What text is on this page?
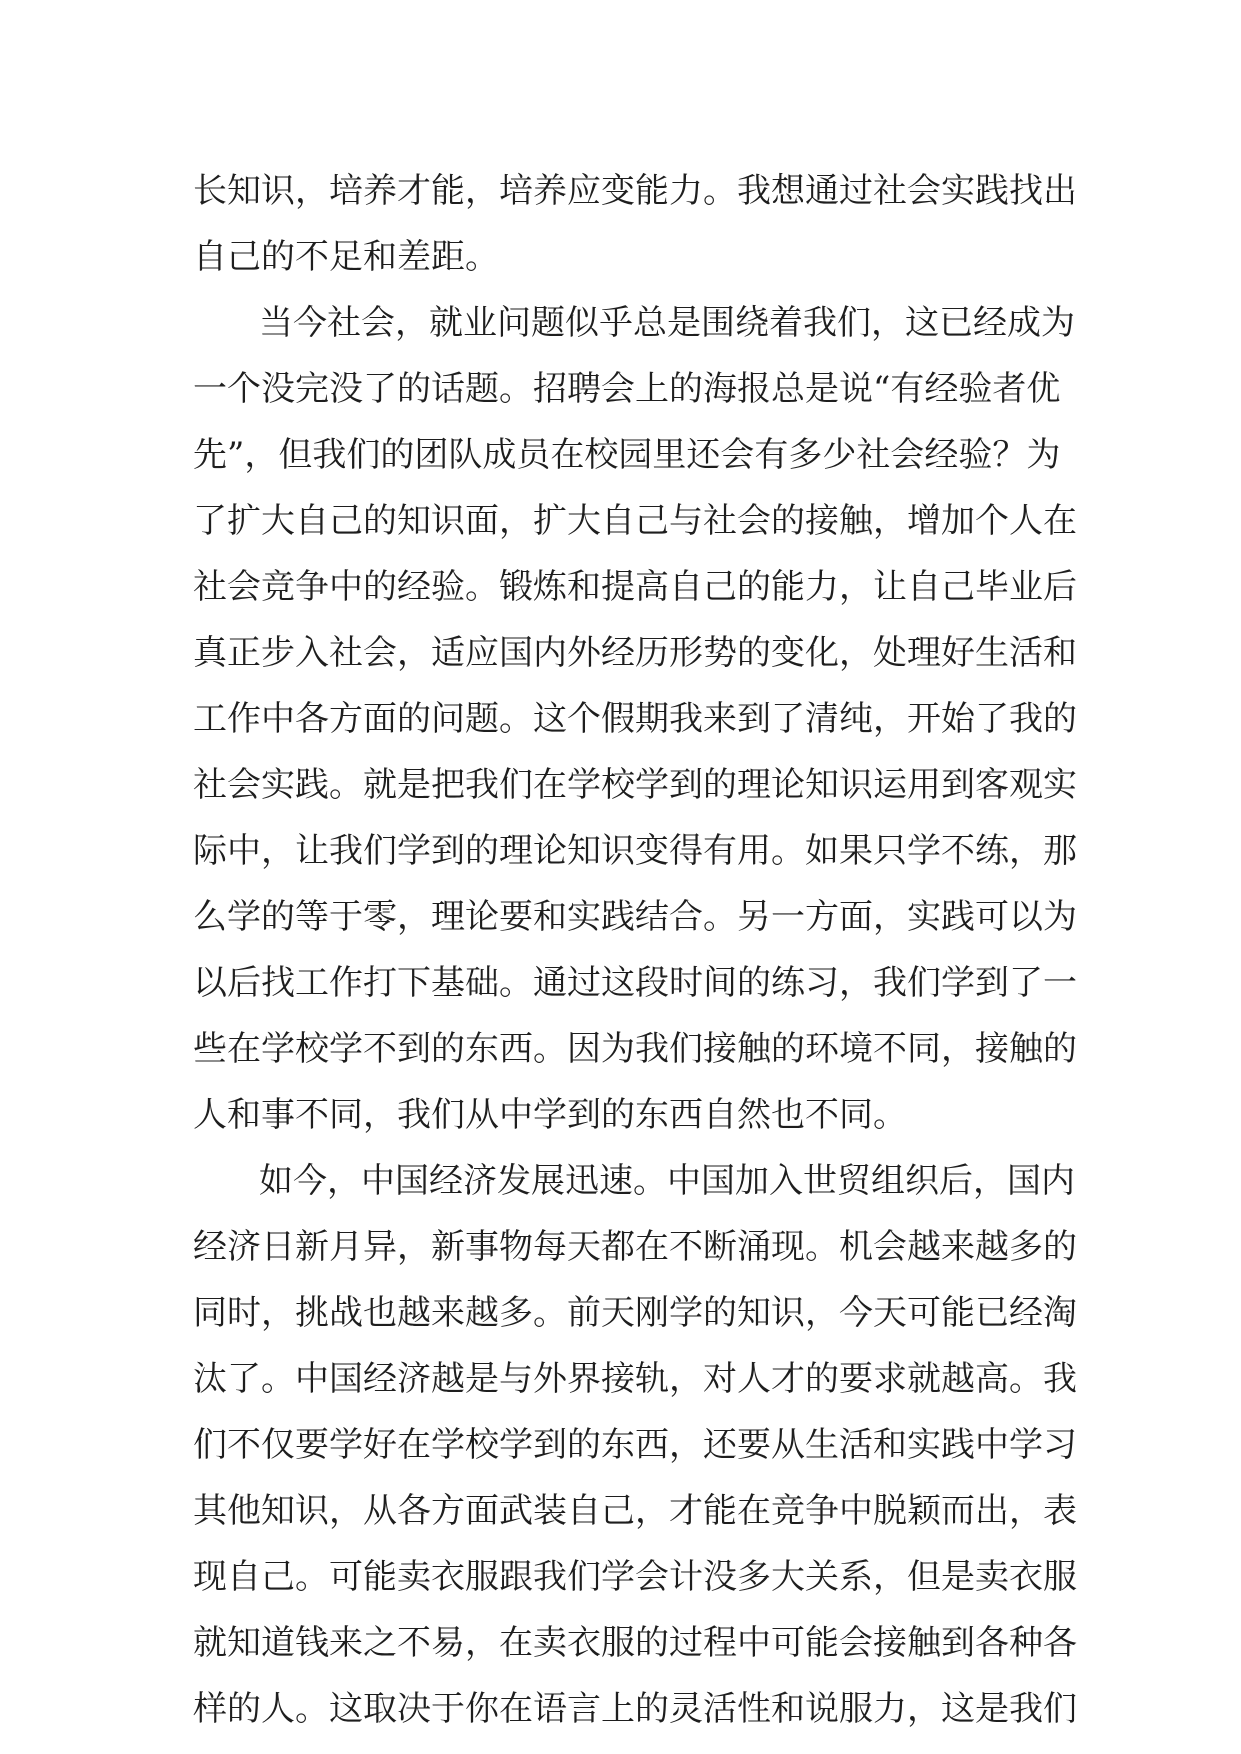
长知识，培养才能，培养应变能力。我想通过社会实践找出
自己的不足和差距。
当今社会，就业问题似乎总是围绕着我们，这已经成为
一个没完没了的话题。招聘会上的海报总是说“有经验者优
先”，但我们的团队成员在校园里还会有多少社会经验？为
了扩大自己的知识面，扩大自己与社会的接触，增加个人在
社会竞争中的经验。锻炼和提高自己的能力，让自己毕业后
真正步入社会，适应国内外经历形势的变化，处理好生活和
工作中各方面的问题。这个假期我来到了清纯，开始了我的
社会实践。就是把我们在学校学到的理论知识运用到客观实
际中，让我们学到的理论知识变得有用。如果只学不练，那
么学的等于零，理论要和实践结合。另一方面，实践可以为
以后找工作打下基础。通过这段时间的练习，我们学到了一
些在学校学不到的东西。因为我们接触的环境不同，接触的
人和事不同，我们从中学到的东西自然也不同。
如今，中国经济发展迅速。中国加入世贸组织后，国内
经济日新月异，新事物每天都在不断涌现。机会越来越多的
同时，挑战也越来越多。前天刚学的知识，今天可能已经淘
汰了。中国经济越是与外界接轨，对人才的要求就越高。我
们不仅要学好在学校学到的东西，还要从生活和实践中学习
其他知识，从各方面武装自己，才能在竞争中脱颖而出，表
现自己。可能卖衣服跟我们学会计没多大关系，但是卖衣服
就知道钱来之不易，在卖衣服的过程中可能会接触到各种各
样的人。这取决于你在语言上的灵活性和说服力，这是我们
